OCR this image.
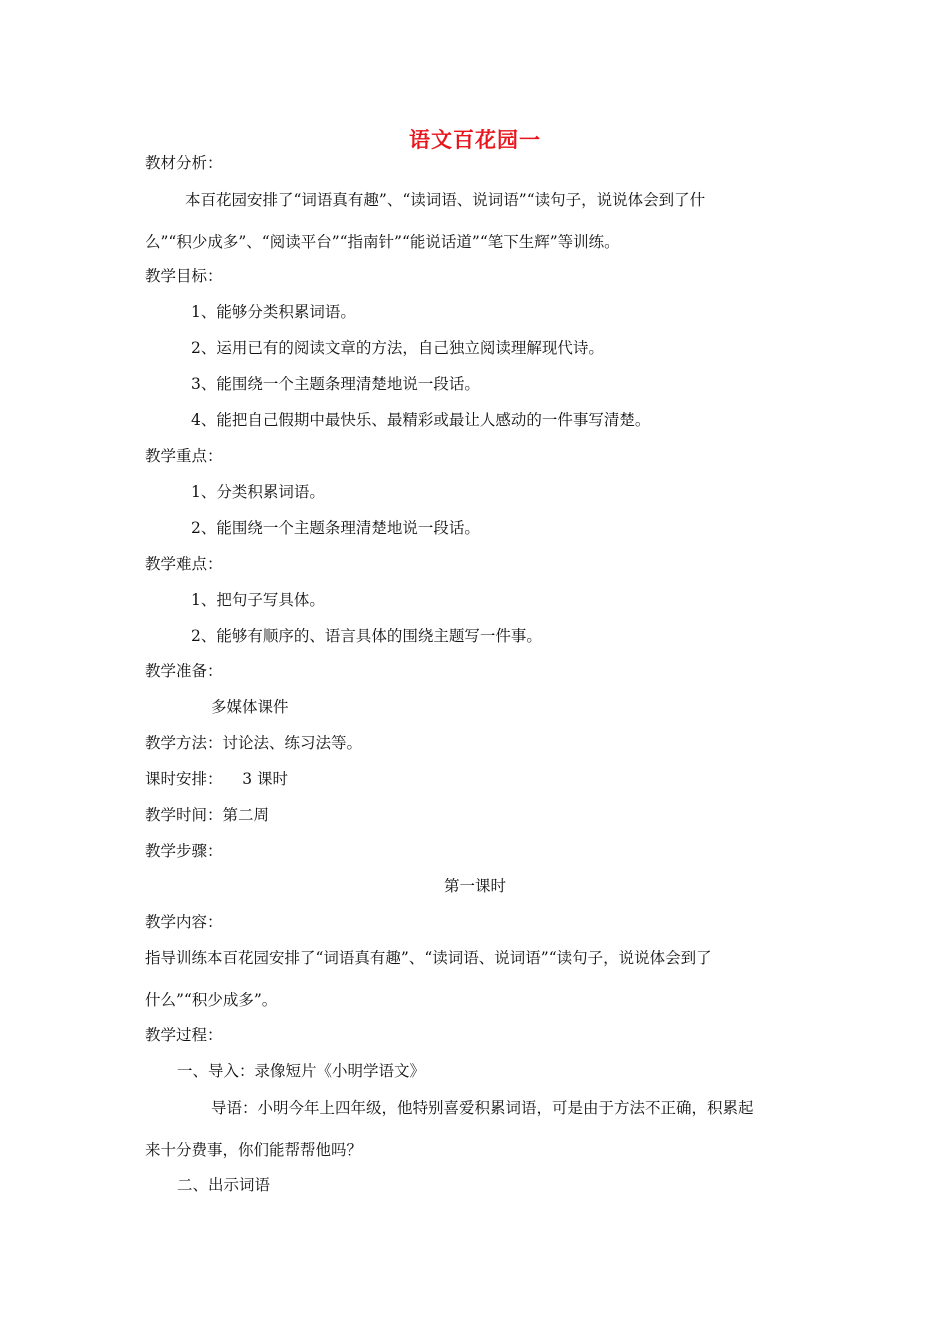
语文百花园一
教材分析：
本百花园安排了“词语真有趣”、“读词语、说词语”“读句子，说说体会到了什
么”“积少成多”、“阅读平台”“指南针”“能说话道”“笔下生辉”等训练。
教学目标：
1、能够分类积累词语。
2、运用已有的阅读文章的方法，自己独立阅读理解现代诗。
3、能围绕一个主题条理清楚地说一段话。
4、能把自己假期中最快乐、最精彩或最让人感动的一件事写清楚。
教学重点：
1、分类积累词语。
2、能围绕一个主题条理清楚地说一段话。
教学难点：
1、把句子写具体。
2、能够有顺序的、语言具体的围绕主题写一件事。
教学准备：
多媒体课件
教学方法：讨论法、练习法等。
课时安排：    3 课时
教学时间：第二周
教学步骤：
第一课时
教学内容：
指导训练本百花园安排了“词语真有趣”、“读词语、说词语”“读句子，说说体会到了
什么”“积少成多”。
教学过程：
一、导入：录像短片《小明学语文》
导语：小明今年上四年级，他特别喜爱积累词语，可是由于方法不正确，积累起
来十分费事，你们能帮帮他吗？
二、出示词语
